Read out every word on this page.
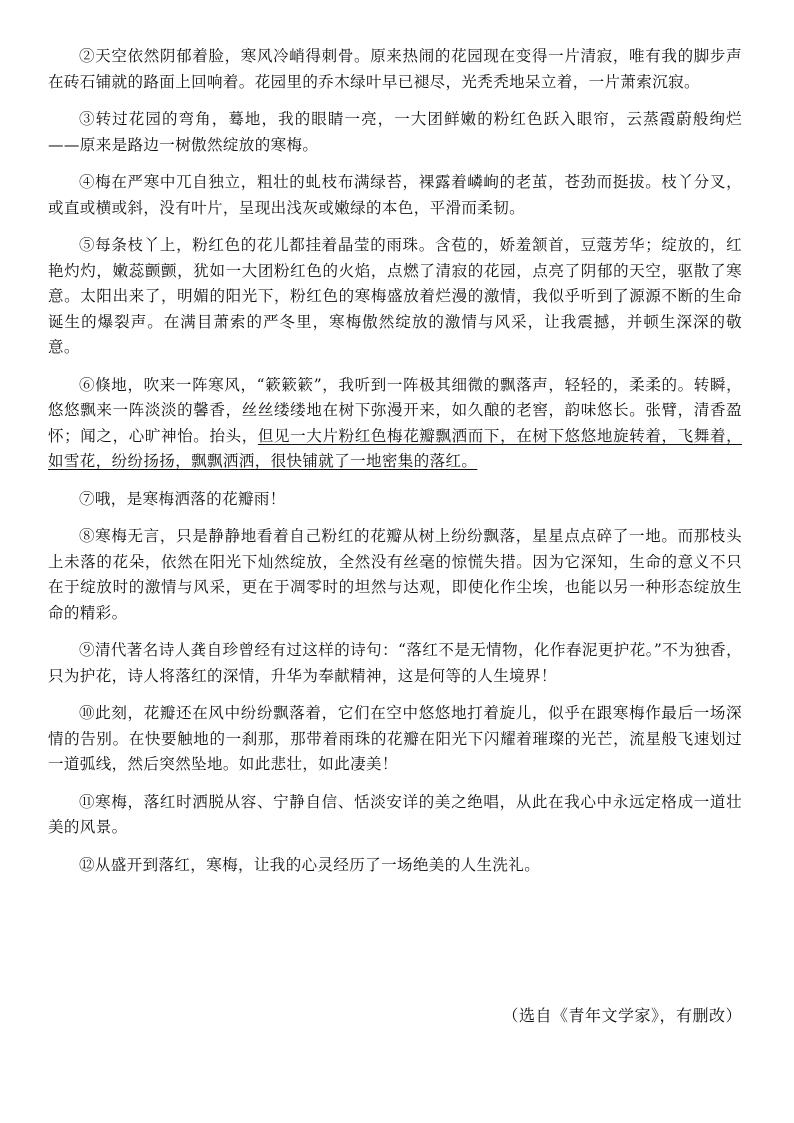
②天空依然阴郁着脸，寒风冷峭得刺骨。原来热闹的花园现在变得一片清寂，唯有我的脚步声在砖石铺就的路面上回响着。花园里的乔木绿叶早已褪尽，光秃秃地呆立着，一片萧索沉寂。

③转过花园的弯角，蓦地，我的眼睛一亮，一大团鲜嫩的粉红色跃入眼帘，云蒸霞蔚般绚烂——原来是路边一树傲然绽放的寒梅。

④梅在严寒中兀自独立，粗壮的虬枝布满绿苔，裸露着嶙峋的老茧，苍劲而挺拔。枝丫分叉，或直或横或斜，没有叶片，呈现出浅灰或嫩绿的本色，平滑而柔韧。

⑤每条枝丫上，粉红色的花儿都挂着晶莹的雨珠。含苞的，娇羞颔首，豆蔻芳华；绽放的，红艳灼灼，嫩蕊颤颤，犹如一大团粉红色的火焰，点燃了清寂的花园，点亮了阴郁的天空，驱散了寒意。太阳出来了，明媚的阳光下，粉红色的寒梅盛放着烂漫的激情，我似乎听到了源源不断的生命诞生的爆裂声。在满目萧索的严冬里，寒梅傲然绽放的激情与风采，让我震撼，并顿生深深的敬意。

⑥倏地，吹来一阵寒风，“簌簌簌”，我听到一阵极其细微的飘落声，轻轻的，柔柔的。转瞬，悠悠飘来一阵淡淡的馨香，丝丝缕缕地在树下弥漫开来，如久酿的老窖，韵味悠长。张臂，清香盈怀；闻之，心旷神怡。抬头，但见一大片粉红色梅花瓣飘洒而下，在树下悠悠地旋转着，飞舞着，如雪花，纷纷扬扬，飘飘洒洒，很快铺就了一地密集的落红。

⑦哦，是寒梅洒落的花瓣雨！

⑧寒梅无言，只是静静地看着自己粉红的花瓣从树上纷纷飘落，星星点点碎了一地。而那枝头上未落的花朵，依然在阳光下灿然绽放，全然没有丝毫的惊慌失措。因为它深知，生命的意义不只在于绽放时的激情与风采，更在于凋零时的坦然与达观，即使化作尘埃，也能以另一种形态绽放生命的精彩。

⑨清代著名诗人龚自珍曾经有过这样的诗句：“落红不是无情物，化作春泥更护花。”不为独香，只为护花，诗人将落红的深情，升华为奉献精神，这是何等的人生境界！

⑩此刻，花瓣还在风中纷纷飘落着，它们在空中悠悠地打着旋儿，似乎在跟寒梅作最后一场深情的告别。在快要触地的一刹那，那带着雨珠的花瓣在阳光下闪耀着璀璨的光芒，流星般飞速划过一道弧线，然后突然坠地。如此悲壮，如此凄美！

⑪寒梅，落红时洒脱从容、宁静自信、恬淡安详的美之绝唱，从此在我心中永远定格成一道壮美的风景。

⑫从盛开到落红，寒梅，让我的心灵经历了一场绝美的人生洗礼。

（选自《青年文学家》，有删改）
